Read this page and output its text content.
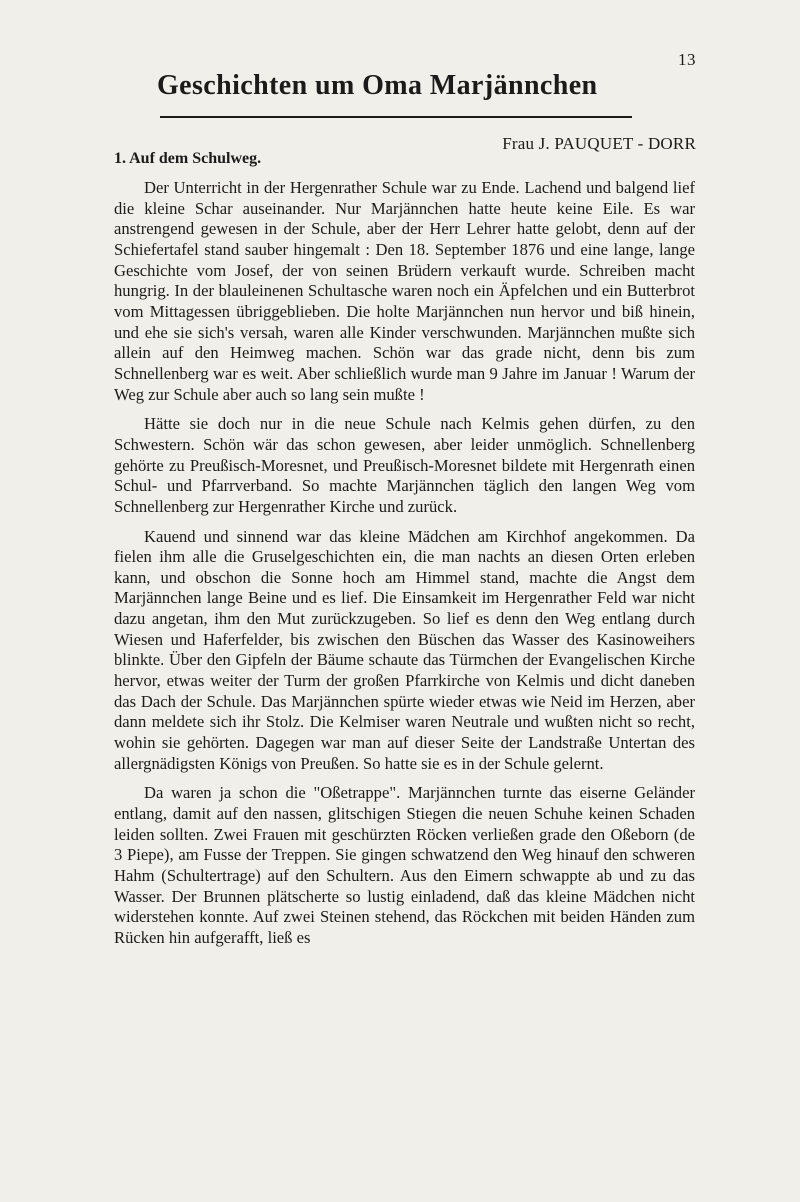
13
Geschichten um Oma Marjännchen
Frau J. PAUQUET - DORR
1. Auf dem Schulweg.

Der Unterricht in der Hergenrather Schule war zu Ende. Lachend und balgend lief die kleine Schar auseinander. Nur Marjännchen hatte heute keine Eile. Es war anstrengend gewesen in der Schule, aber der Herr Lehrer hatte gelobt, denn auf der Schiefertafel stand sauber hingemalt : Den 18. September 1876 und eine lange, lange Geschichte vom Josef, der von seinen Brüdern verkauft wurde. Schreiben macht hungrig. In der blauleinenen Schultasche waren noch ein Äpfelchen und ein Butterbrot vom Mittagessen übriggeblieben. Die holte Marjännchen nun hervor und biß hinein, und ehe sie sich's versah, waren alle Kinder verschwunden. Marjännchen mußte sich allein auf den Heimweg machen. Schön war das grade nicht, denn bis zum Schnellenberg war es weit. Aber schließlich wurde man 9 Jahre im Januar ! Warum der Weg zur Schule aber auch so lang sein mußte !

Hätte sie doch nur in die neue Schule nach Kelmis gehen dürfen, zu den Schwestern. Schön wär das schon gewesen, aber leider unmöglich. Schnellenberg gehörte zu Preußisch-Moresnet, und Preußisch-Moresnet bildete mit Hergenrath einen Schul- und Pfarrverband. So machte Marjännchen täglich den langen Weg vom Schnellenberg zur Hergenrather Kirche und zurück.

Kauend und sinnend war das kleine Mädchen am Kirchhof angekommen. Da fielen ihm alle die Gruselgeschichten ein, die man nachts an diesen Orten erleben kann, und obschon die Sonne hoch am Himmel stand, machte die Angst dem Marjännchen lange Beine und es lief. Die Einsamkeit im Hergenrather Feld war nicht dazu angetan, ihm den Mut zurückzugeben. So lief es denn den Weg entlang durch Wiesen und Haferfelder, bis zwischen den Büschen das Wasser des Kasinoweihers blinkte. Über den Gipfeln der Bäume schaute das Türmchen der Evangelischen Kirche hervor, etwas weiter der Turm der großen Pfarrkirche von Kelmis und dicht daneben das Dach der Schule. Das Marjännchen spürte wieder etwas wie Neid im Herzen, aber dann meldete sich ihr Stolz. Die Kelmiser waren Neutrale und wußten nicht so recht, wohin sie gehörten. Dagegen war man auf dieser Seite der Landstraße Untertan des allergnädigsten Königs von Preußen. So hatte sie es in der Schule gelernt.

Da waren ja schon die "Oßetrappe". Marjännchen turnte das eiserne Geländer entlang, damit auf den nassen, glitschigen Stiegen die neuen Schuhe keinen Schaden leiden sollten. Zwei Frauen mit geschürzten Röcken verließen grade den Oßeborn (de 3 Piepe), am Fusse der Treppen. Sie gingen schwatzend den Weg hinauf den schweren Hahm (Schultertrage) auf den Schultern. Aus den Eimern schwappte ab und zu das Wasser. Der Brunnen plätscherte so lustig einladend, daß das kleine Mädchen nicht widerstehen konnte. Auf zwei Steinen stehend, das Röckchen mit beiden Händen zum Rücken hin aufgerafft, ließ es
